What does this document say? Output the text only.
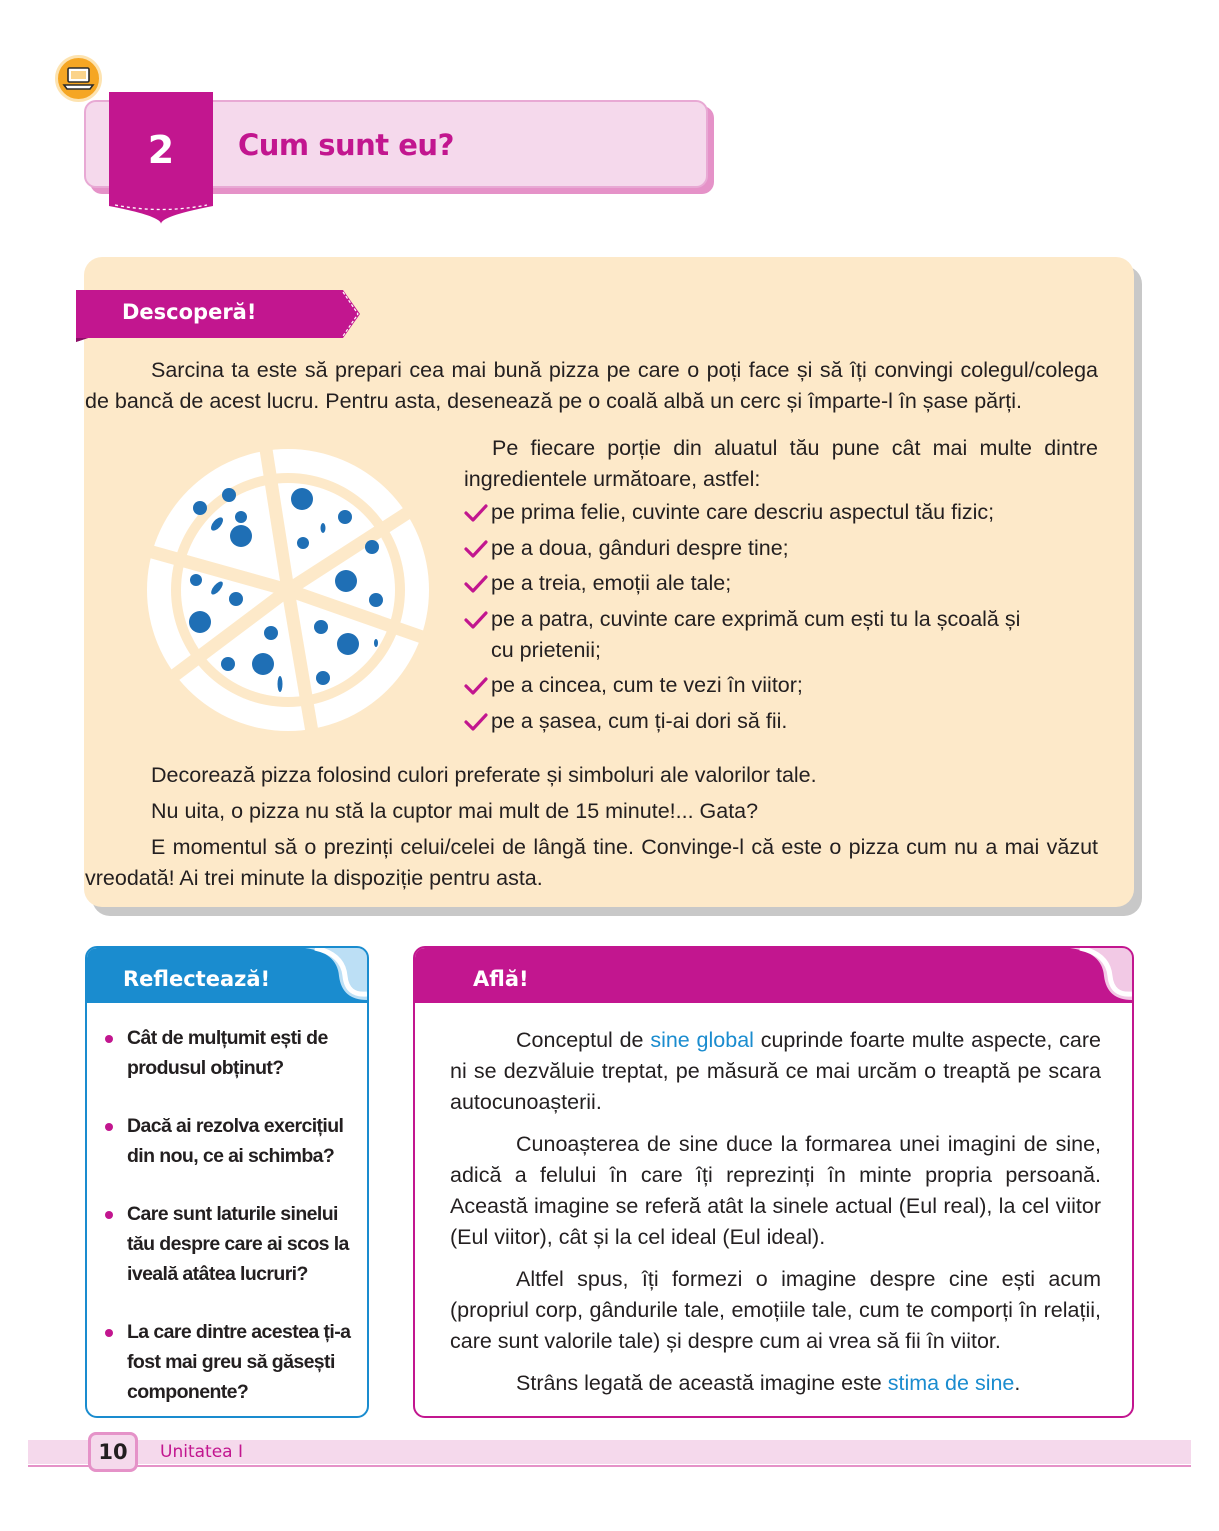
Cum sunt eu?
2
Descoperă!

Sarcina ta este să prepari cea mai bună pizza pe care o poți face și să îți convingi colegul/colega de bancă de acest lucru. Pentru asta, desenează pe o coală albă un cerc și împarte-l în șase părți.

Pe fiecare porție din aluatul tău pune cât mai multe dintre ingredientele următoare, astfel:

pe prima felie, cuvinte care descriu aspectul tău fizic;
pe a doua, gânduri despre tine;
pe a treia, emoții ale tale;
pe a patra, cuvinte care exprimă cum ești tu la școală și cu prietenii;
pe a cincea, cum te vezi în viitor;
pe a șasea, cum ți-ai dori să fii.

Decorează pizza folosind culori preferate și simboluri ale valorilor tale.

Nu uita, o pizza nu stă la cuptor mai mult de 15 minute!... Gata?

E momentul să o prezinți celui/celei de lângă tine. Convinge-l că este o pizza cum nu a mai văzut vreodată! Ai trei minute la dispoziție pentru asta.

Reflectează!
Cât de mulțumit ești de produsul obținut?
Dacă ai rezolva exercițiul din nou, ce ai schimba?
Care sunt laturile sinelui tău despre care ai scos la iveală atâtea lucruri?
La care dintre acestea ți-a fost mai greu să găsești componente?
Află!

Conceptul de sine global cuprinde foarte multe aspecte, care ni se dezvăluie treptat, pe măsură ce mai urcăm o treaptă pe scara autocunoașterii.

Cunoașterea de sine duce la formarea unei imagini de sine, adică a felului în care îți reprezinți în minte propria persoană. Această imagine se referă atât la sinele actual (Eul real), la cel viitor (Eul viitor), cât și la cel ideal (Eul ideal).

Altfel spus, îți formezi o imagine despre cine ești acum (propriul corp, gândurile tale, emoțiile tale, cum te comporți în relații, care sunt valorile tale) și despre cum ai vrea să fii în viitor.

Strâns legată de această imagine este stima de sine.

10	Unitatea I
